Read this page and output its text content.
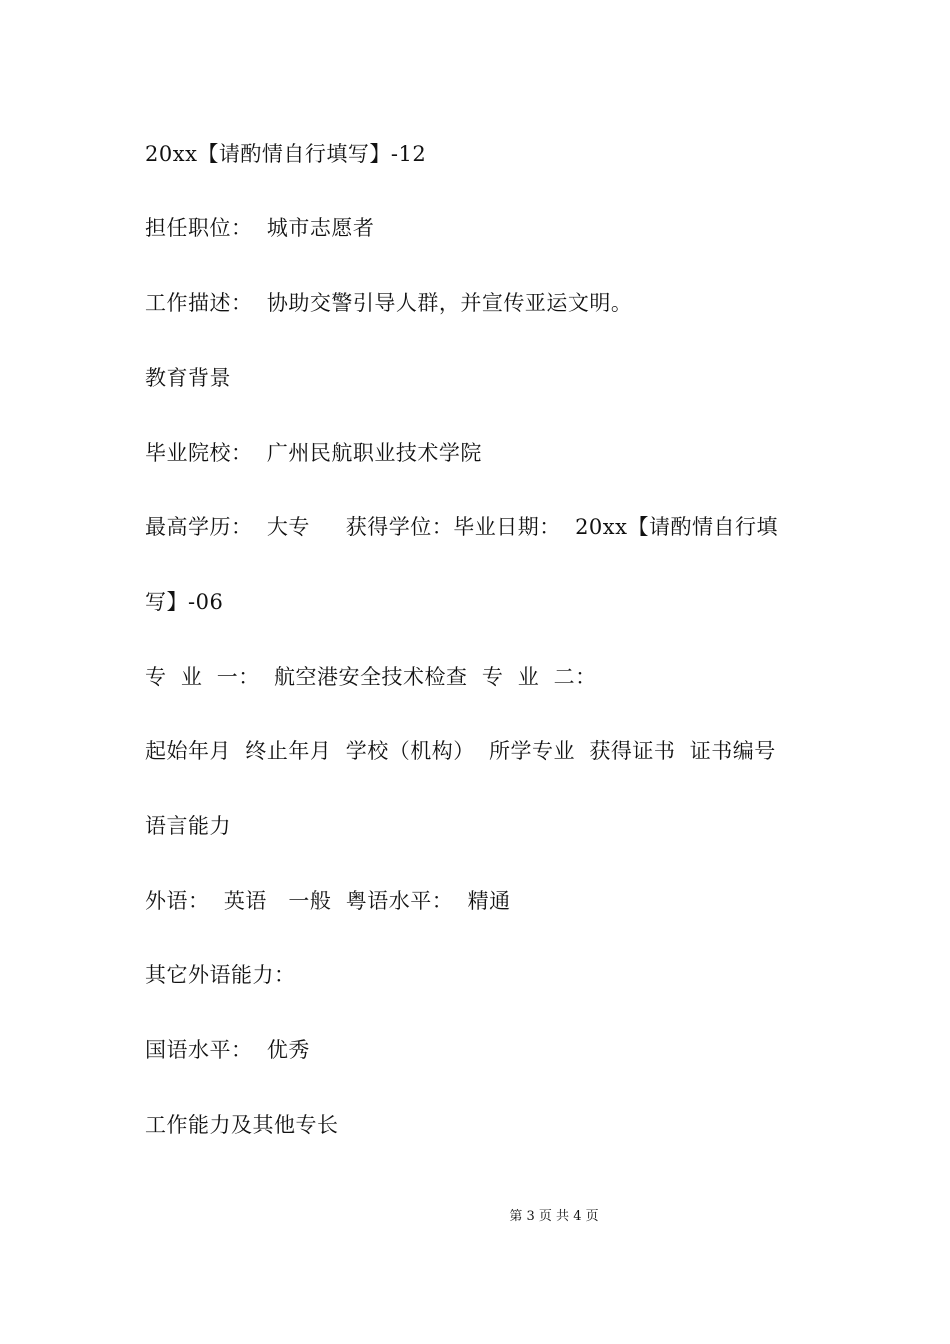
20xx【请酌情自行填写】-12
担任职位：  城市志愿者
工作描述：  协助交警引导人群，并宣传亚运文明。
教育背景
毕业院校：  广州民航职业技术学院
最高学历：  大专     获得学位：毕业日期：  20xx【请酌情自行填
写】-06
专  业  一：  航空港安全技术检查  专  业  二：
起始年月  终止年月  学校（机构）  所学专业  获得证书  证书编号
语言能力
外语：  英语   一般  粤语水平：  精通
其它外语能力：
国语水平：  优秀
工作能力及其他专长
第 3 页 共 4 页
